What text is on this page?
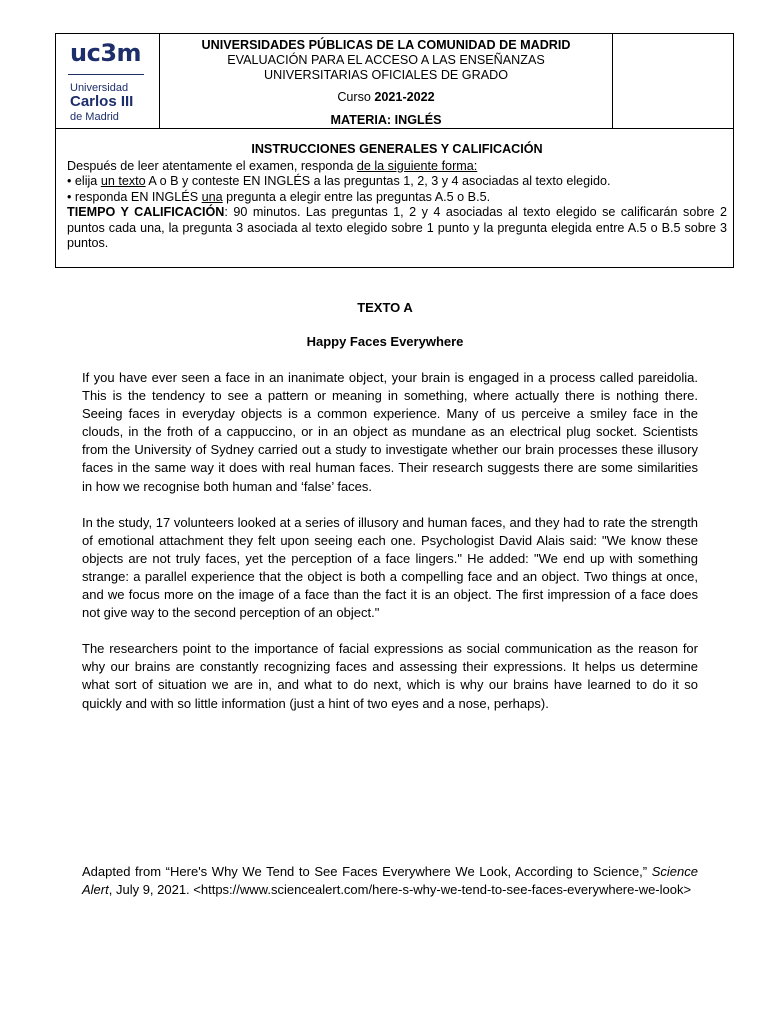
uc3m
Universidad
Carlos III
de Madrid
UNIVERSIDADES PÚBLICAS DE LA COMUNIDAD DE MADRID
EVALUACIÓN PARA EL ACCESO A LAS ENSEÑANZAS
UNIVERSITARIAS OFICIALES DE GRADO
Curso 2021-2022
MATERIA: INGLÉS
INSTRUCCIONES GENERALES Y CALIFICACIÓN

Después de leer atentamente el examen, responda de la siguiente forma:

• elija un texto A o B y conteste EN INGLÉS a las preguntas 1, 2, 3 y 4 asociadas al texto elegido.

• responda EN INGLÉS una pregunta a elegir entre las preguntas A.5 o B.5.

TIEMPO Y CALIFICACIÓN: 90 minutos. Las preguntas 1, 2 y 4 asociadas al texto elegido se calificarán sobre 2 puntos cada una, la pregunta 3 asociada al texto elegido sobre 1 punto y la pregunta elegida entre A.5 o B.5 sobre 3 puntos.

TEXTO A
Happy Faces Everywhere

If you have ever seen a face in an inanimate object, your brain is engaged in a process called pareidolia. This is the tendency to see a pattern or meaning in something, where actually there is nothing there. Seeing faces in everyday objects is a common experience. Many of us perceive a smiley face in the clouds, in the froth of a cappuccino, or in an object as mundane as an electrical plug socket. Scientists from the University of Sydney carried out a study to investigate whether our brain processes these illusory faces in the same way it does with real human faces. Their research suggests there are some similarities in how we recognise both human and ‘false’ faces.

In the study, 17 volunteers looked at a series of illusory and human faces, and they had to rate the strength of emotional attachment they felt upon seeing each one. Psychologist David Alais said: "We know these objects are not truly faces, yet the perception of a face lingers." He added: "We end up with something strange: a parallel experience that the object is both a compelling face and an object. Two things at once, and we focus more on the image of a face than the fact it is an object. The first impression of a face does not give way to the second perception of an object."

The researchers point to the importance of facial expressions as social communication as the reason for why our brains are constantly recognizing faces and assessing their expressions. It helps us determine what sort of situation we are in, and what to do next, which is why our brains have learned to do it so quickly and with so little information (just a hint of two eyes and a nose, perhaps).

Adapted from “Here's Why We Tend to See Faces Everywhere We Look, According to Science,” Science Alert, July 9, 2021. <https://www.sciencealert.com/here-s-why-we-tend-to-see-faces-everywhere-we-look>
